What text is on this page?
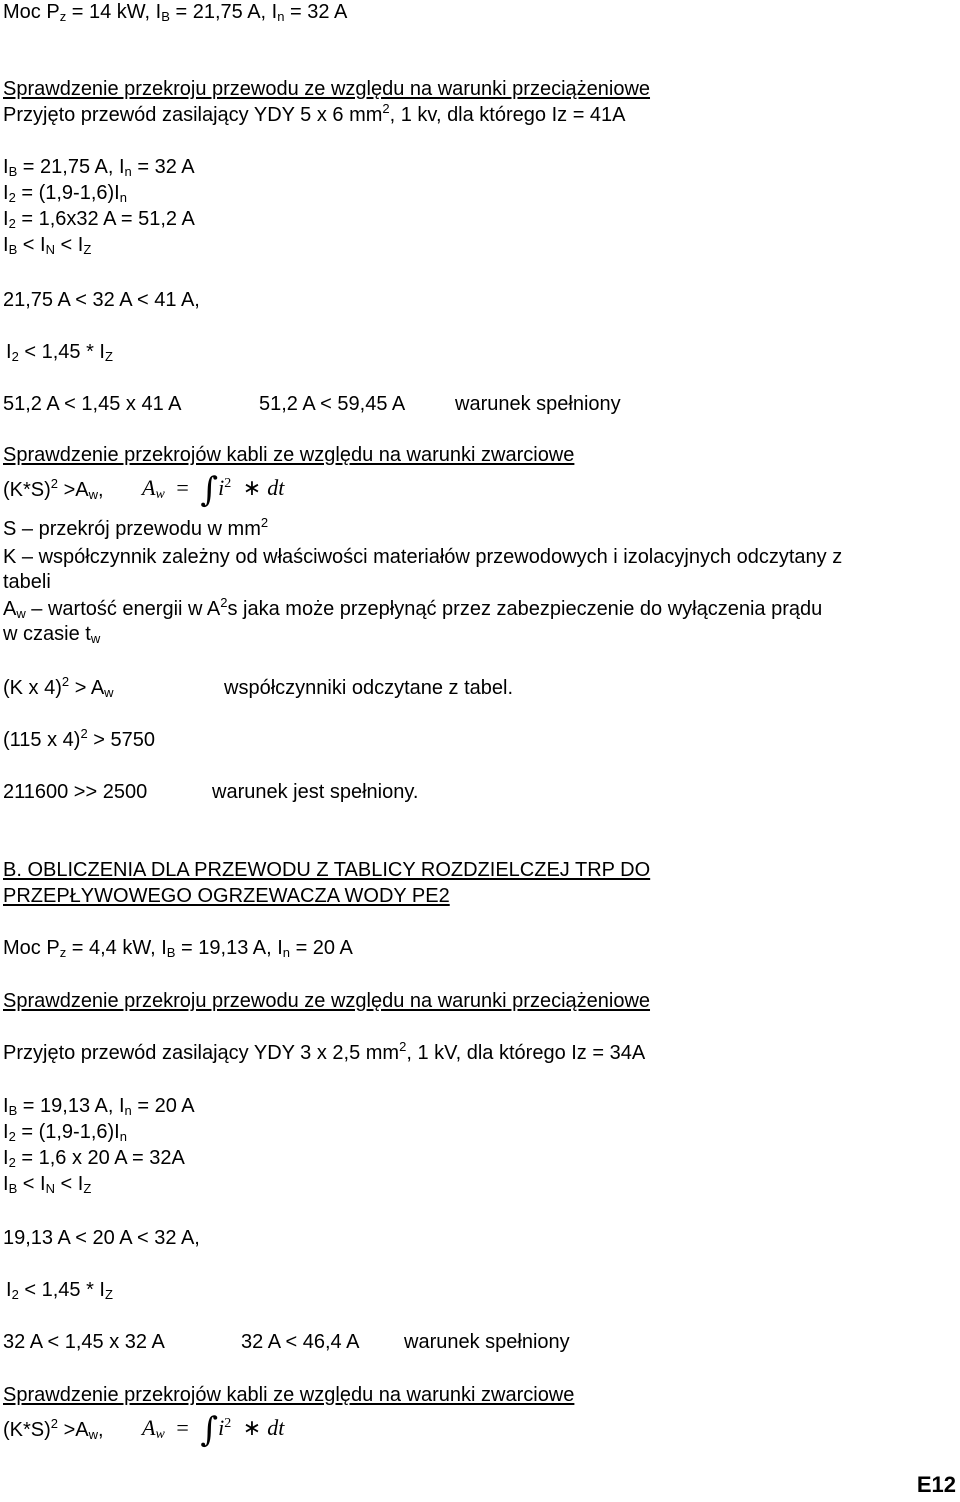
Moc $P_z = 14$ kW, $I_B = 21,75$ A, $I_n = 32$ A
Sprawdzenie przekroju przewodu ze względu na warunki przeciążeniowe
Przyjęto przewód zasilający YDY 5 x 6 $mm^2$, 1 kv, dla którego Iz = 41A
$I_B = 21,75$ A, $I_n = 32$ A
$I_2 = (1,9-1,6)I_n$
$I_2 = 1,6x32$ A = 51,2 A
$I_B < I_N < I_Z$
21,75 A < 32 A < 41 A,
$I_2 < 1,45 * I_Z$
51,2 A < 1,45 x 41 A	51,2 A < 59,45 A warunek spełniony
Sprawdzenie przekrojów kabli ze względu na warunki zwarciowe
$(K*S)^2 >A_w$, $A_w = \int i^2$ ∗ dt
S – przekrój przewodu w $mm^2$
K – współczynnik zależny od właściwości materiałów przewodowych i izolacyjnych odczytany z
tabeli
$A_w$ – wartość energii w $A^2s$ jaka może przepłynąć przez zabezpieczenie do wyłączenia prądu
w czasie $t_w$
(K x $4)^2 > A_w$	współczynniki odczytane z tabel.
(115 x 4)$^2$ > 5750
211600 >> 2500	warunek jest spełniony.
B. OBLICZENIA DLA PRZEWODU Z TABLICY ROZDZIELCZEJ TRP DO
PRZEPŁYWOWEGO OGRZEWACZA WODY PE2
Moc $P_z = 4,4$ kW, $I_B = 19,13$ A, $I_n = 20$ A
Sprawdzenie przekroju przewodu ze względu na warunki przeciążeniowe
Przyjęto przewód zasilający YDY 3 x 2,5 $mm^2$, 1 kV, dla którego Iz = 34A
$I_B = 19,13$ A, $I_n = 20$ A
$I_2 = (1,9-1,6)I_n$
$I_2 = 1,6$ x 20 A = 32A
$I_B < I_N < I_Z$
19,13 A < 20 A < 32 A,
$I_2 < 1,45 * I_Z$
32 A < 1,45 x 32 A	32 A < 46,4 A warunek spełniony
Sprawdzenie przekrojów kabli ze względu na warunki zwarciowe
$(K*S)^2 >A_w$, $A_w = \int i^2$ ∗ dt
E12
